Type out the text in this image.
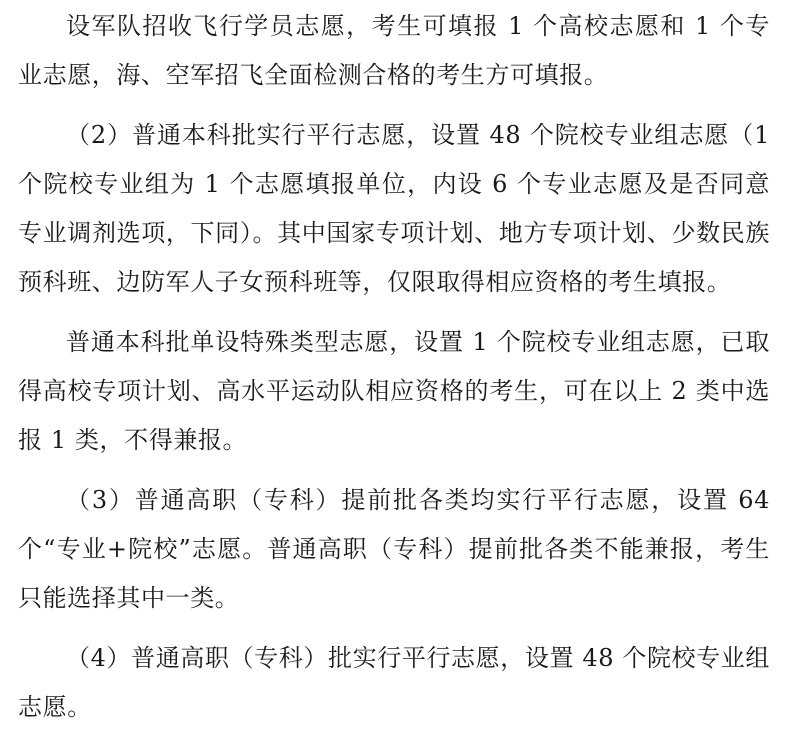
设军队招收飞行学员志愿，考生可填报 1 个高校志愿和 1 个专业志愿，海、空军招飞全面检测合格的考生方可填报。

（2）普通本科批实行平行志愿，设置 48 个院校专业组志愿（1 个院校专业组为 1 个志愿填报单位，内设 6 个专业志愿及是否同意专业调剂选项，下同）。其中国家专项计划、地方专项计划、少数民族预科班、边防军人子女预科班等，仅限取得相应资格的考生填报。

普通本科批单设特殊类型志愿，设置 1 个院校专业组志愿，已取得高校专项计划、高水平运动队相应资格的考生，可在以上 2 类中选报 1 类，不得兼报。

（3）普通高职（专科）提前批各类均实行平行志愿，设置 64 个“专业+院校”志愿。普通高职（专科）提前批各类不能兼报，考生只能选择其中一类。

（4）普通高职（专科）批实行平行志愿，设置 48 个院校专业组志愿。
